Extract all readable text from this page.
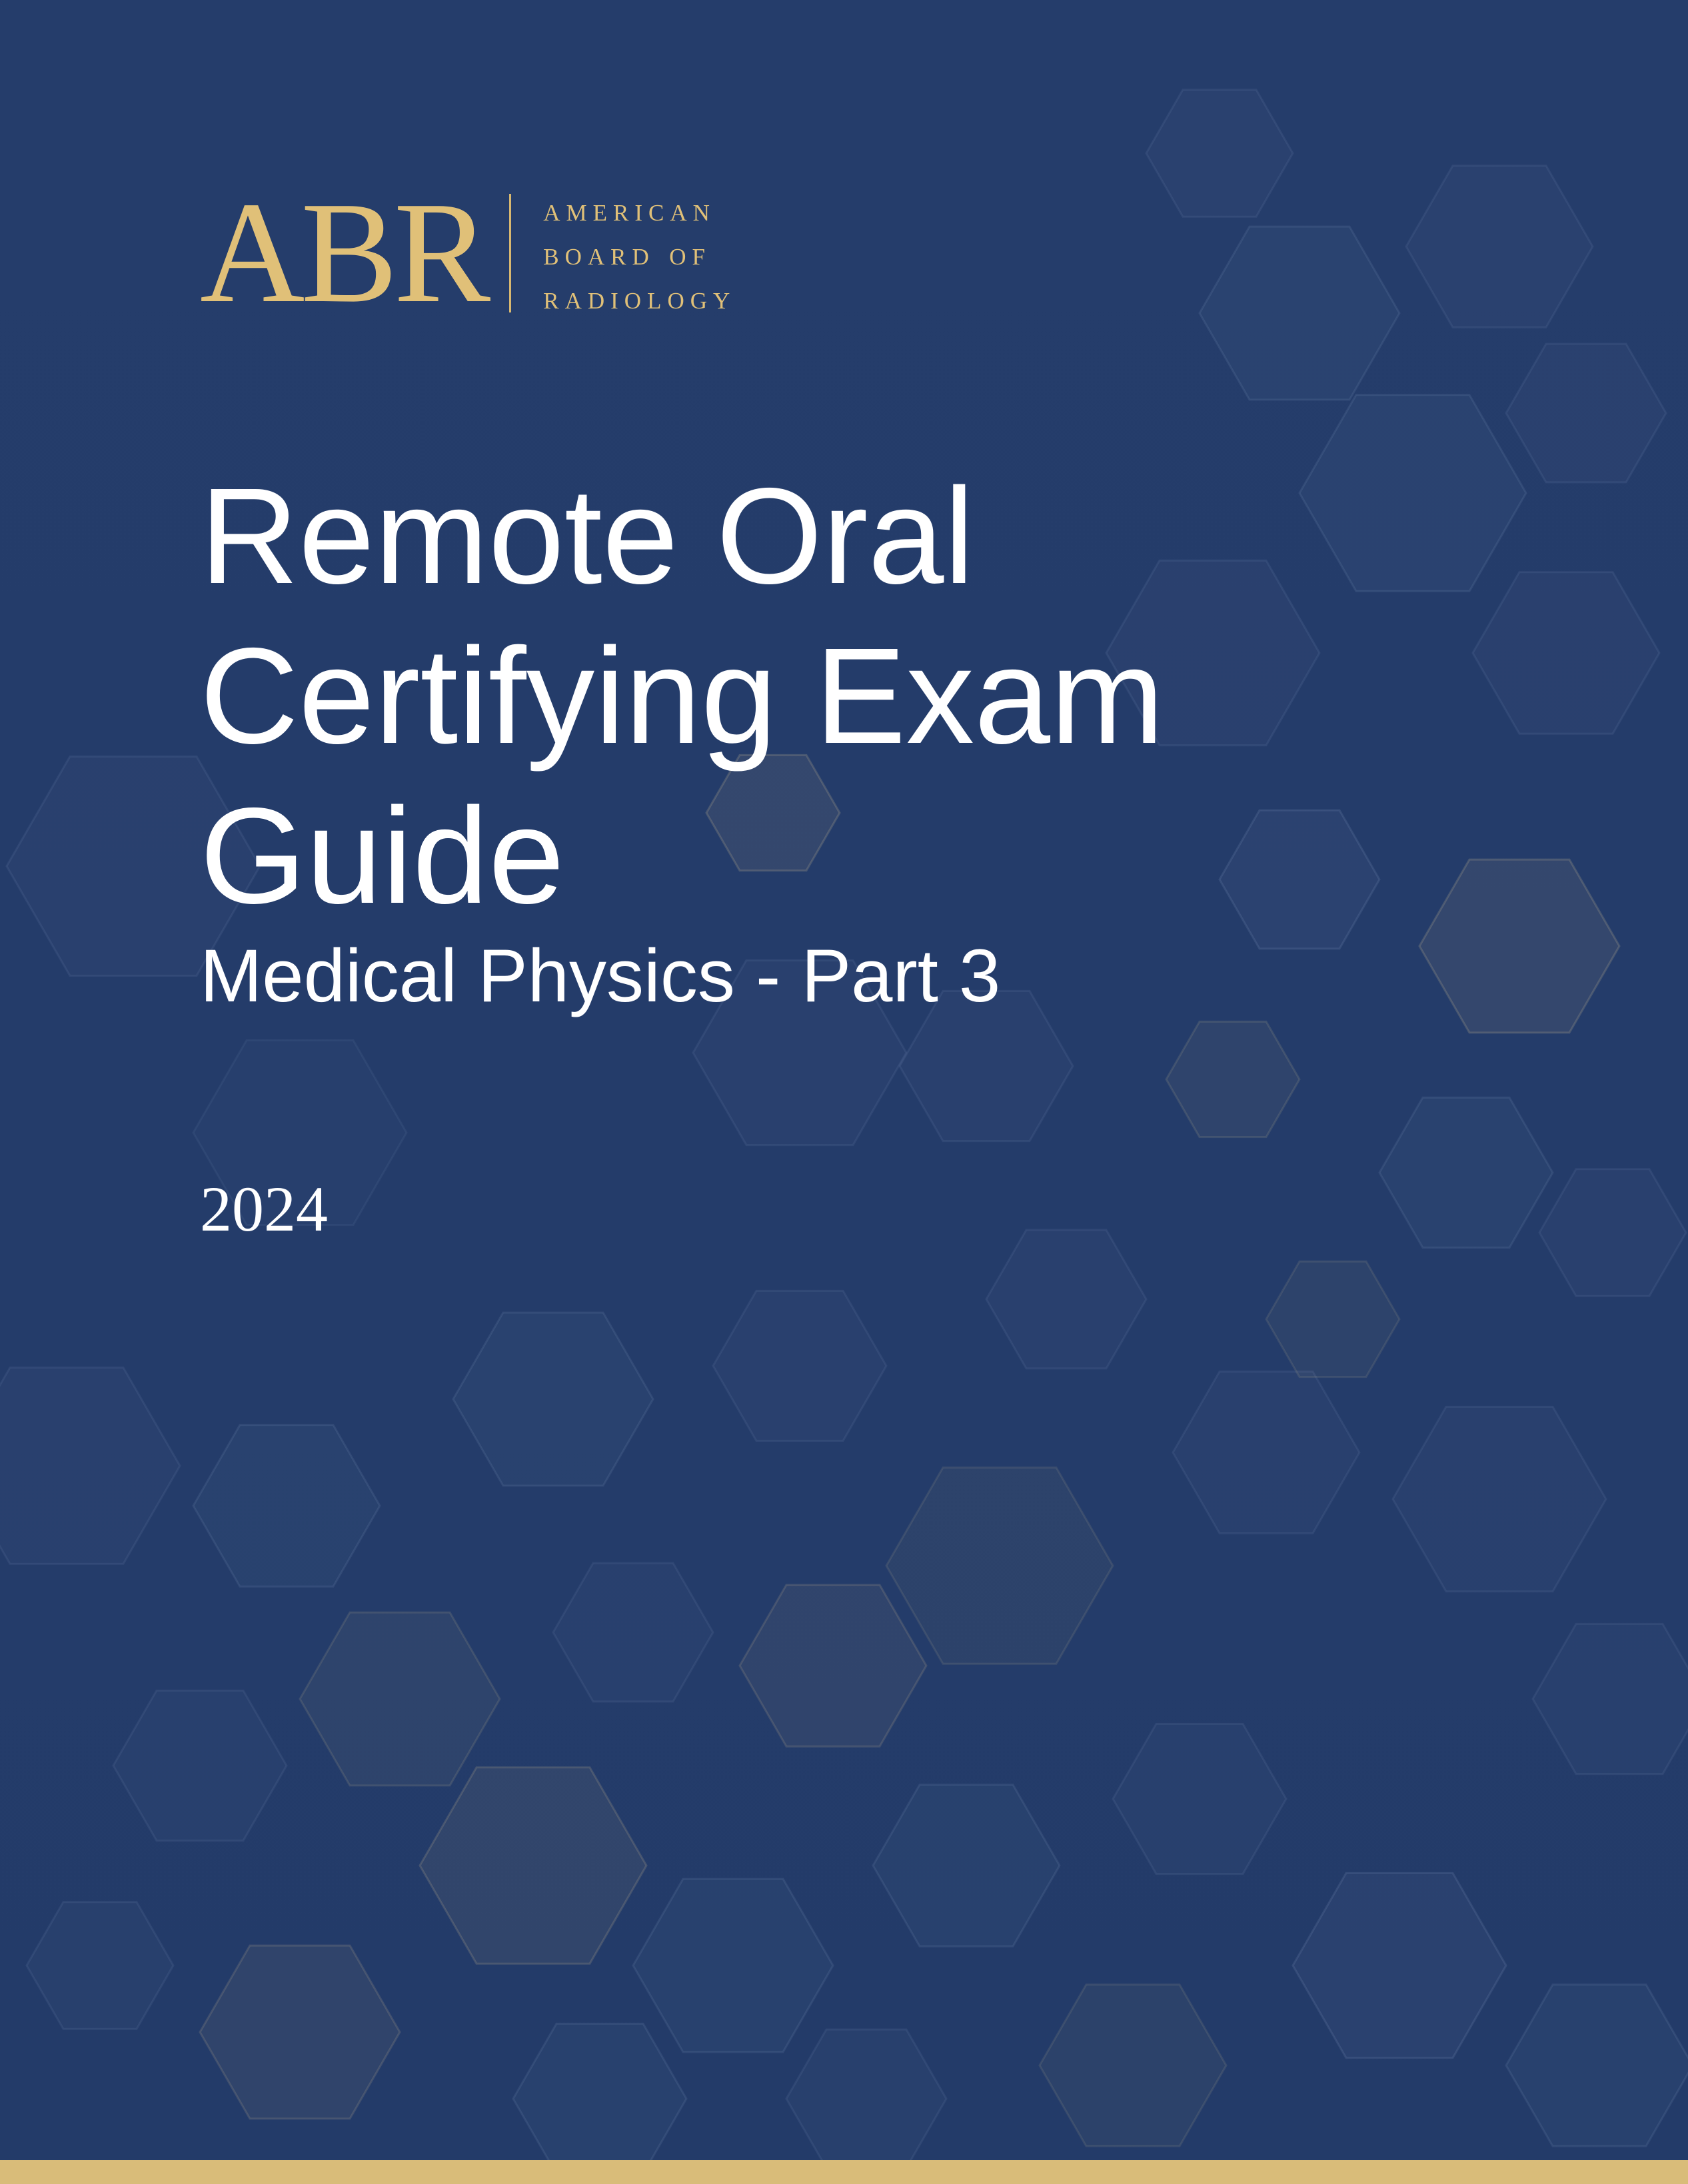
ABR american
board of
radiology
Remote Oral
Certifying Exam
Guide
Medical Physics - Part 3
2024
